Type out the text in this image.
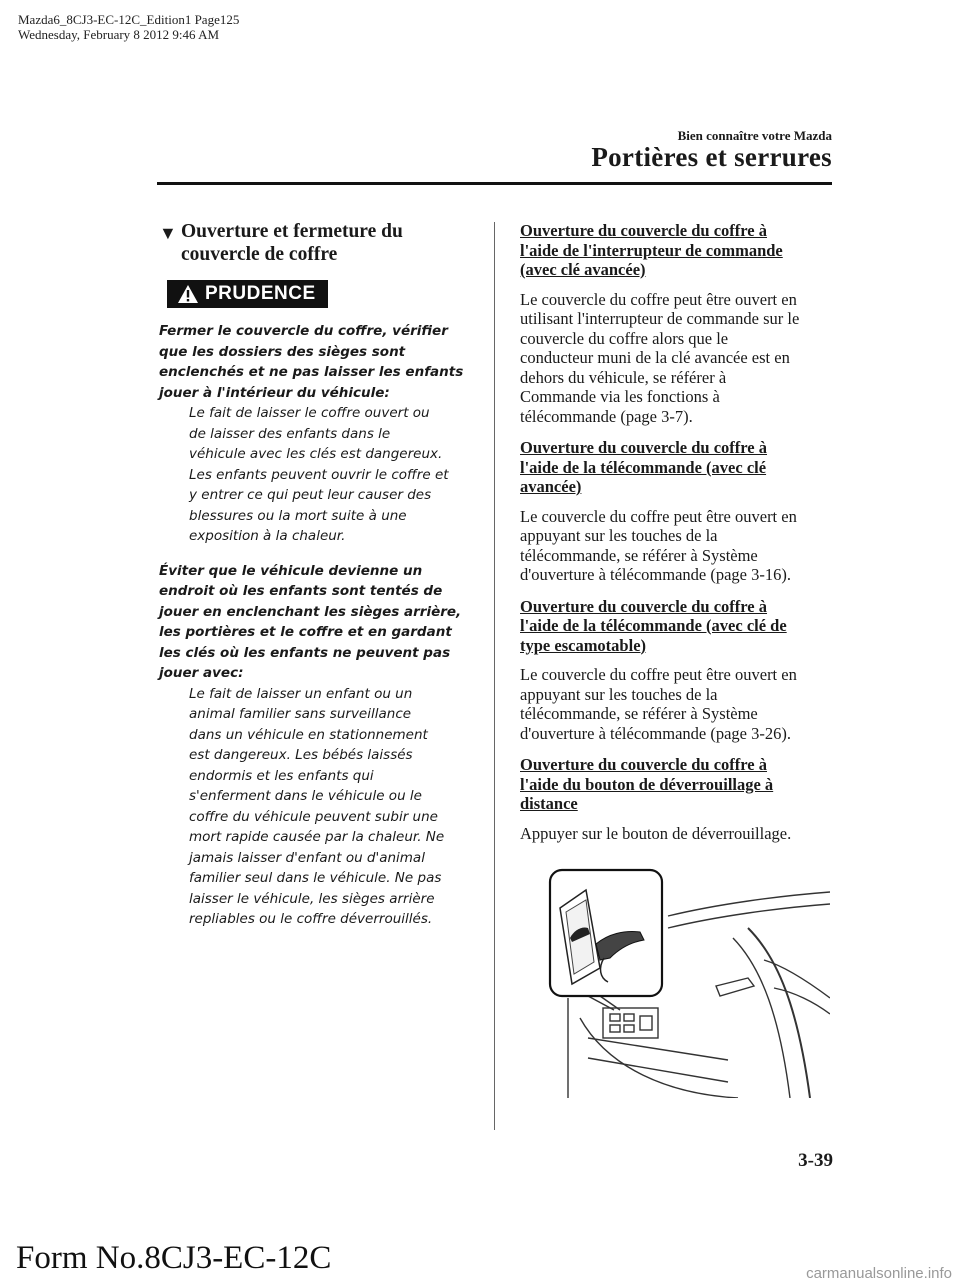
Mazda6_8CJ3-EC-12C_Edition1 Page125
Wednesday, February 8 2012 9:46 AM
Bien connaître votre Mazda
Portières et serrures
▼ Ouverture et fermeture du
couvercle de coffre
PRUDENCE
Fermer le couvercle du coffre, vérifier
que les dossiers des sièges sont
enclenchés et ne pas laisser les enfants
jouer à l'intérieur du véhicule:
Le fait de laisser le coffre ouvert ou
de laisser des enfants dans le
véhicule avec les clés est dangereux.
Les enfants peuvent ouvrir le coffre et
y entrer ce qui peut leur causer des
blessures ou la mort suite à une
exposition à la chaleur.
Éviter que le véhicule devienne un
endroit où les enfants sont tentés de
jouer en enclenchant les sièges arrière,
les portières et le coffre et en gardant
les clés où les enfants ne peuvent pas
jouer avec:
Le fait de laisser un enfant ou un
animal familier sans surveillance
dans un véhicule en stationnement
est dangereux. Les bébés laissés
endormis et les enfants qui
s'enferment dans le véhicule ou le
coffre du véhicule peuvent subir une
mort rapide causée par la chaleur. Ne
jamais laisser d'enfant ou d'animal
familier seul dans le véhicule. Ne pas
laisser le véhicule, les sièges arrière
repliables ou le coffre déverrouillés.
Ouverture du couvercle du coffre à
l'aide de l'interrupteur de commande
(avec clé avancée)
Le couvercle du coffre peut être ouvert en
utilisant l'interrupteur de commande sur le
couvercle du coffre alors que le
conducteur muni de la clé avancée est en
dehors du véhicule, se référer à
Commande via les fonctions à
télécommande (page 3-7).
Ouverture du couvercle du coffre à
l'aide de la télécommande (avec clé
avancée)
Le couvercle du coffre peut être ouvert en
appuyant sur les touches de la
télécommande, se référer à Système
d'ouverture à télécommande (page 3-16).
Ouverture du couvercle du coffre à
l'aide de la télécommande (avec clé de
type escamotable)
Le couvercle du coffre peut être ouvert en
appuyant sur les touches de la
télécommande, se référer à Système
d'ouverture à télécommande (page 3-26).
Ouverture du couvercle du coffre à
l'aide du bouton de déverrouillage à
distance
Appuyer sur le bouton de déverrouillage.
3-39
Form No.8CJ3-EC-12C	carmanualsonline.info
